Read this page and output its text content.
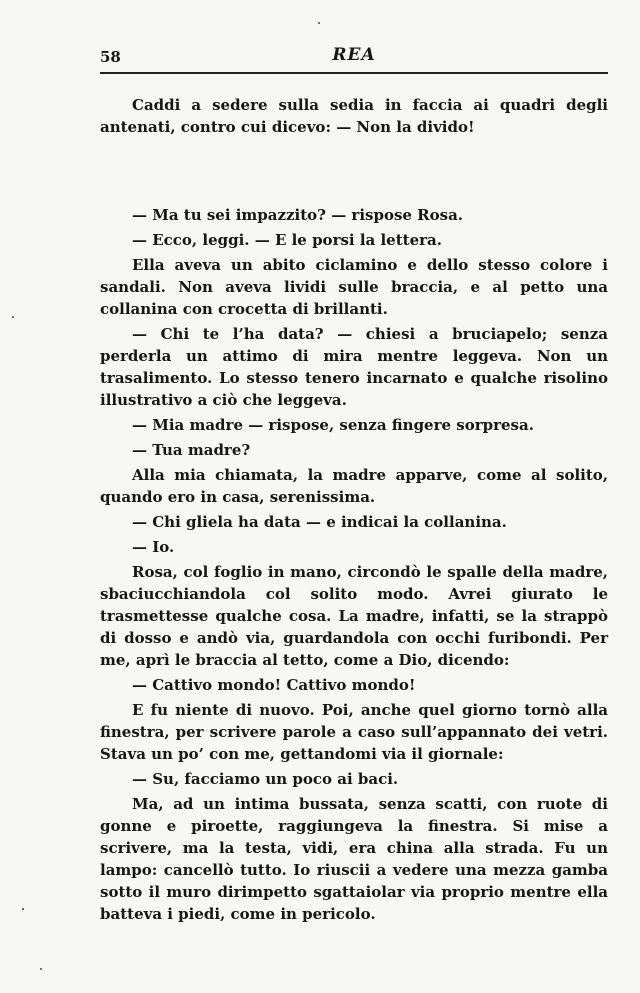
58	REA

Caddi a sedere sulla sedia in faccia ai quadri degli antenati, contro cui dicevo: — Non la divido!

— Ma tu sei impazzito? — rispose Rosa.

— Ecco, leggi. — E le porsi la lettera.

Ella aveva un abito ciclamino e dello stesso colore i sandali. Non aveva lividi sulle braccia, e al petto una collanina con crocetta di brillanti.

— Chi te l’ha data? — chiesi a bruciapelo; senza perderla un attimo di mira mentre leggeva. Non un trasalimento. Lo stesso tenero incarnato e qualche risolino illustrativo a ciò che leggeva.

— Mia madre — rispose, senza fingere sorpresa.

— Tua madre?

Alla mia chiamata, la madre apparve, come al solito, quando ero in casa, serenissima.

— Chi gliela ha data — e indicai la collanina.

— Io.

Rosa, col foglio in mano, circondò le spalle della madre, sbaciucchiandola col solito modo. Avrei giurato le trasmettesse qualche cosa. La madre, infatti, se la strappò di dosso e andò via, guardandola con occhi furibondi. Per me, aprì le braccia al tetto, come a Dio, dicendo:

— Cattivo mondo! Cattivo mondo!

E fu niente di nuovo. Poi, anche quel giorno tornò alla finestra, per scrivere parole a caso sull’appannato dei vetri. Stava un po’ con me, gettandomi via il giornale:

— Su, facciamo un poco ai baci.

Ma, ad un intima bussata, senza scatti, con ruote di gonne e piroette, raggiungeva la finestra. Si mise a scrivere, ma la testa, vidi, era china alla strada. Fu un lampo: cancellò tutto. Io riuscii a vedere una mezza gamba sotto il muro dirimpetto sgattaiolar via proprio mentre ella batteva i piedi, come in pericolo.
